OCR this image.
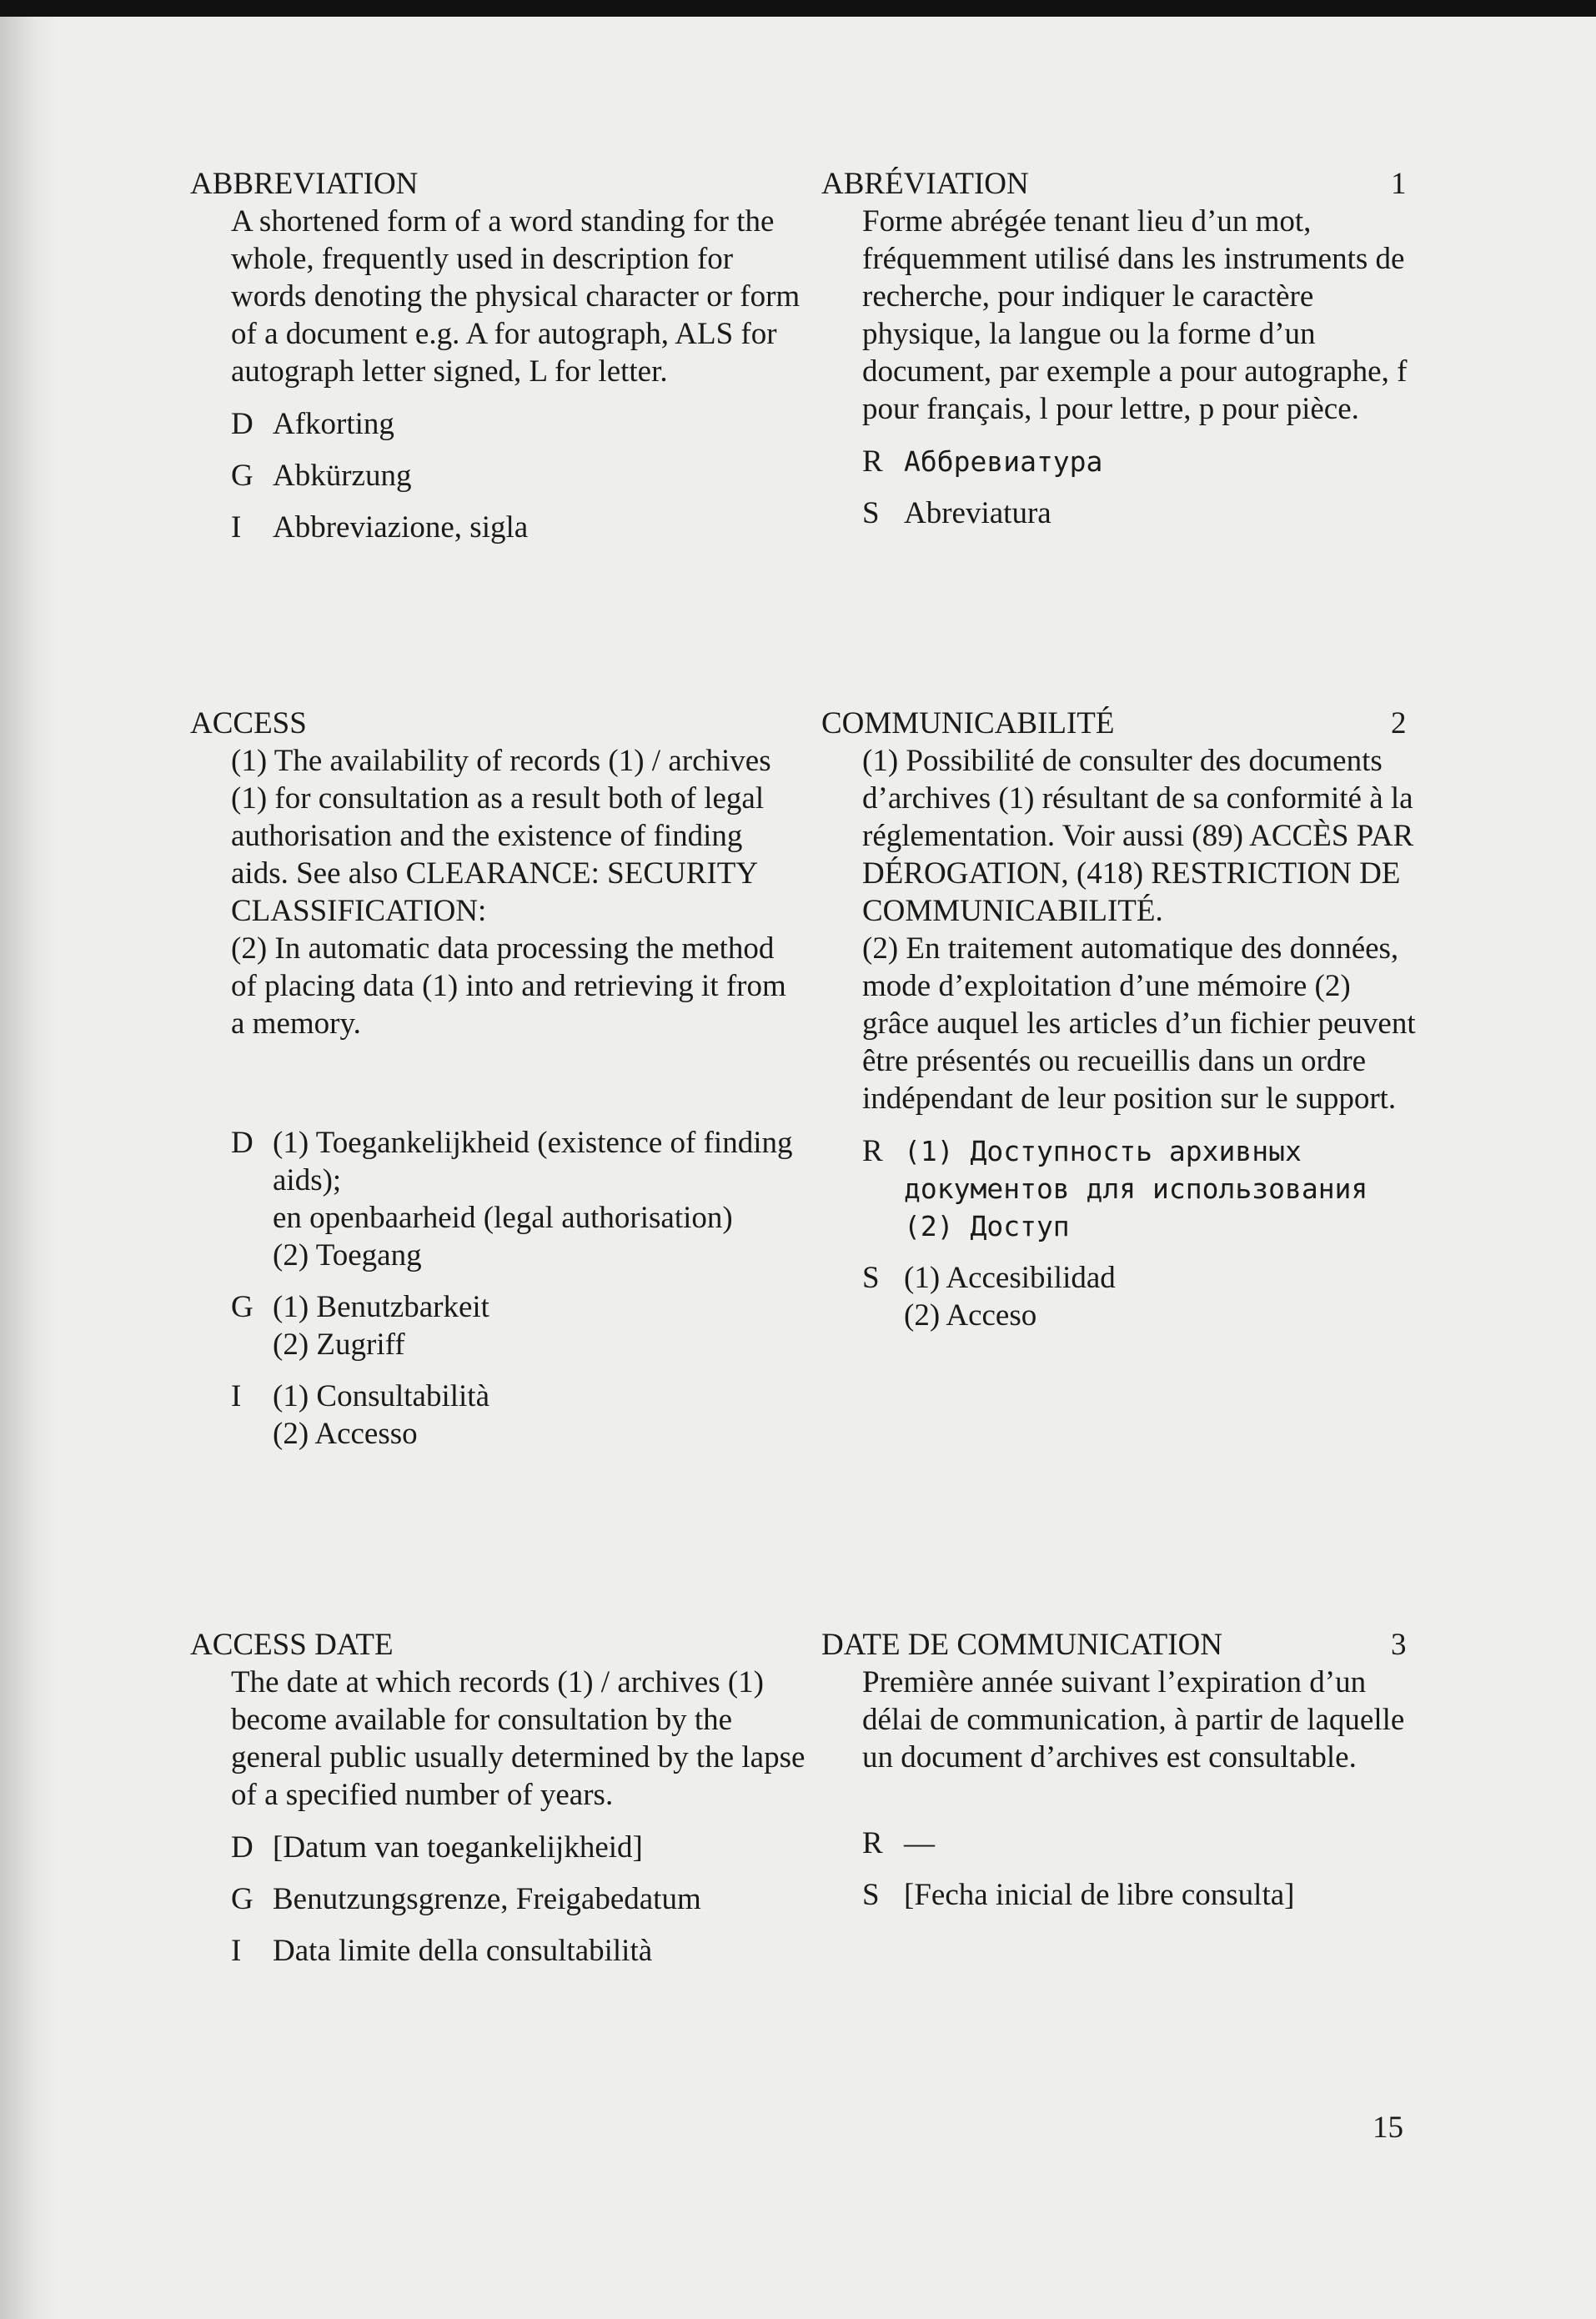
ABBREVIATION

A shortened form of a word standing for the whole, frequently used in description for words denoting the physical character or form of a document e.g. A for autograph, ALS for autograph letter signed, L for letter.

D Afkorting
G Abkürzung
I	Abbreviazione, sigla
ABRÉVIATION

Forme abrégée tenant lieu d’un mot, fréquemment utilisé dans les instruments de recherche, pour indiquer le caractère physique, la langue ou la forme d’un document, par exemple a pour autographe, f pour français, l pour lettre, p pour pièce.

R Аббревиатура
S Abreviatura
1
ACCESS

(1) The availability of records (1) / archives (1) for consultation as a result both of legal authorisation and the existence of finding aids. See also CLEARANCE: SECURITY CLASSIFICATION:

(2) In automatic data processing the method of placing data (1) into and retrieving it from a memory.

D (1) Toegankelijkheid (existence of finding aids);
en openbaarheid (legal authorisation)
(2) Toegang
G (1) Benutzbarkeit
(2) Zugriff
I	(1) Consultabilità
(2) Accesso
COMMUNICABILITÉ

(1) Possibilité de consulter des documents d’archives (1) résultant de sa conformité à la réglementation. Voir aussi (89) ACCÈS PAR DÉROGATION, (418) RESTRICTION DE COMMUNICABILITÉ.

(2) En traitement automatique des données, mode d’exploitation d’une mémoire (2) grâce auquel les articles d’un fichier peuvent être présentés ou recueillis dans un ordre indépendant de leur position sur le support.

R (1) Доступность архивных документов для использования
(2) Доступ
S (1) Accesibilidad
(2) Acceso
2
ACCESS DATE

The date at which records (1) / archives (1) become available for consultation by the general public usually determined by the lapse of a specified number of years.

D [Datum van toegankelijkheid]
G Benutzungsgrenze, Freigabedatum
I	Data limite della consultabilità
DATE DE COMMUNICATION

Première année suivant l’expiration d’un délai de communication, à partir de laquelle un document d’archives est consultable.

R —
S [Fecha inicial de libre consulta]
3
15
